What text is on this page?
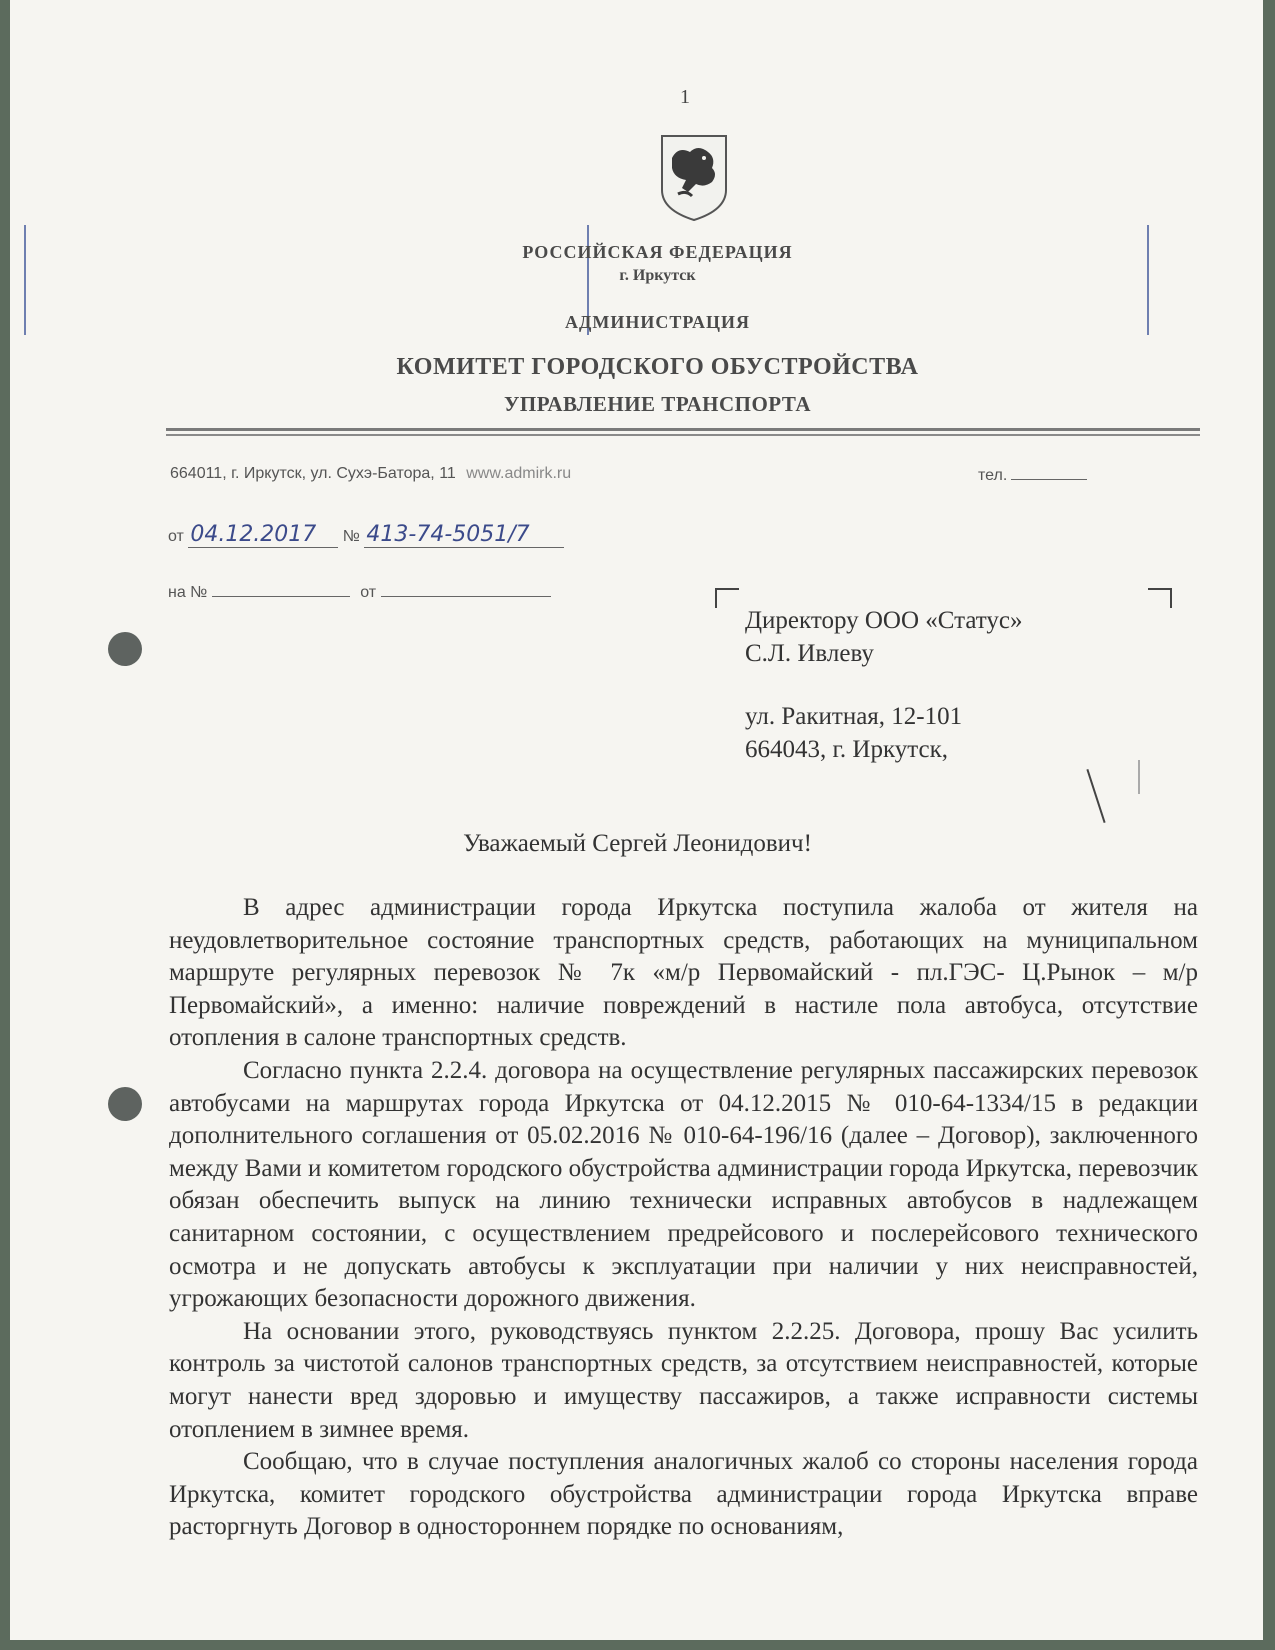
1
РОССИЙСКАЯ ФЕДЕРАЦИЯ
г. Иркутск
АДМИНИСТРАЦИЯ
КОМИТЕТ ГОРОДСКОГО ОБУСТРОЙСТВА
УПРАВЛЕНИЕ ТРАНСПОРТА
664011, г. Иркутск, ул. Сухэ-Батора, 11 www.admirk.ru	тел.
от 04.12.2017 № 413-74-5051/7
на №	от
Директору ООО «Статус»
С.Л. Ивлеву
ул. Ракитная, 12-101
664043, г. Иркутск,
Уважаемый Сергей Леонидович!

В адрес администрации города Иркутска поступила жалоба от жителя на неудовлетворительное состояние транспортных средств, работающих на муниципальном маршруте регулярных перевозок № 7к «м/р Первомайский - пл.ГЭС- Ц.Рынок – м/р Первомайский», а именно: наличие повреждений в настиле пола автобуса, отсутствие отопления в салоне транспортных средств.

Согласно пункта 2.2.4. договора на осуществление регулярных пассажирских перевозок автобусами на маршрутах города Иркутска от 04.12.2015 № 010-64-1334/15 в редакции дополнительного соглашения от 05.02.2016 № 010-64-196/16 (далее – Договор), заключенного между Вами и комитетом городского обустройства администрации города Иркутска, перевозчик обязан обеспечить выпуск на линию технически исправных автобусов в надлежащем санитарном состоянии, с осуществлением предрейсового и послерейсового технического осмотра и не допускать автобусы к эксплуатации при наличии у них неисправностей, угрожающих безопасности дорожного движения.

На основании этого, руководствуясь пунктом 2.2.25. Договора, прошу Вас усилить контроль за чистотой салонов транспортных средств, за отсутствием неисправностей, которые могут нанести вред здоровью и имуществу пассажиров, а также исправности системы отоплением в зимнее время.

Сообщаю, что в случае поступления аналогичных жалоб со стороны населения города Иркутска, комитет городского обустройства администрации города Иркутска вправе расторгнуть Договор в одностороннем порядке по основаниям,
